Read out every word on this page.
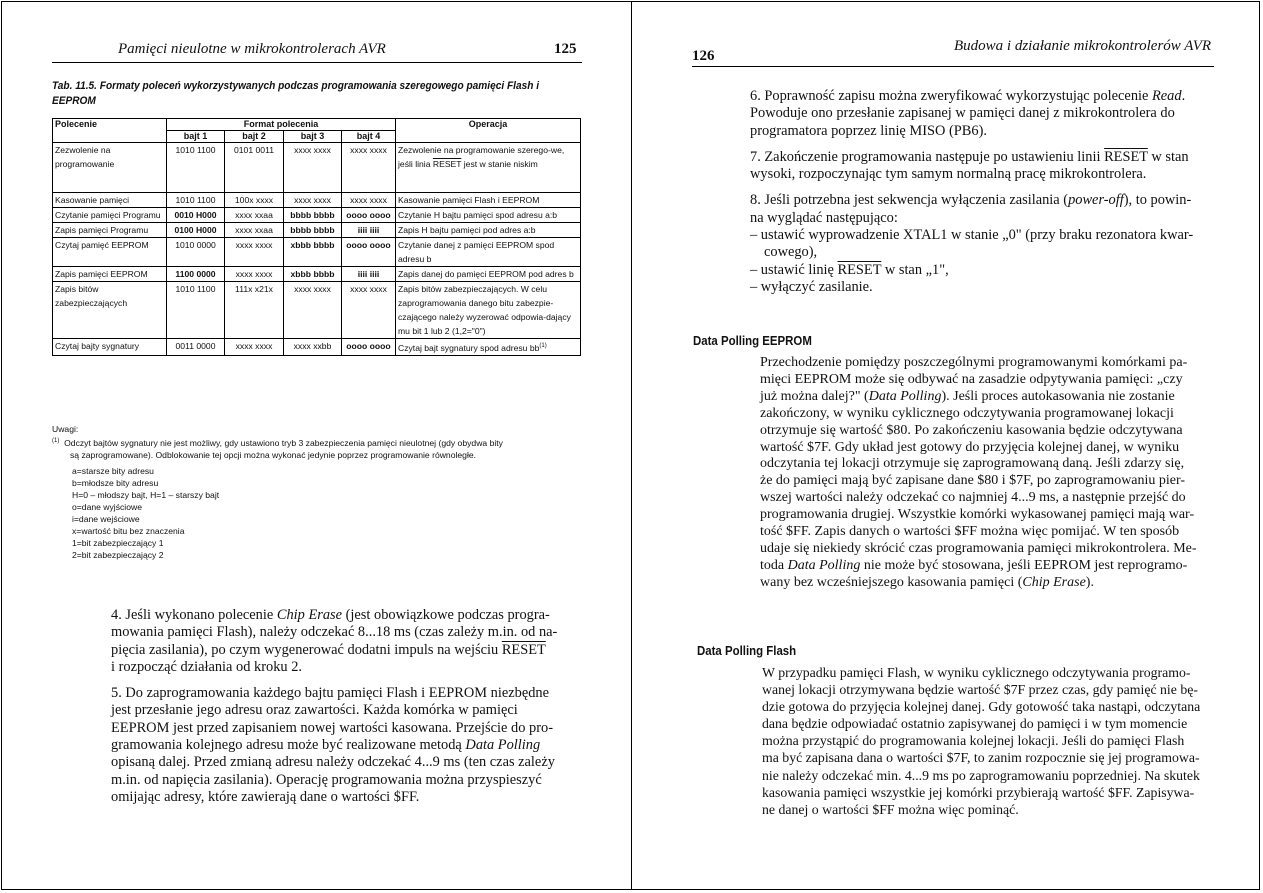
Pamięci nieulotne w mikrokontrolerach AVR	125
Tab. 11.5. Formaty poleceń wykorzystywanych podczas programowania szeregowego pamięci Flash i EEPROM
Polecenie	Format polecenia				Operacja
	bajt 1	bajt 2	bajt 3	bajt 4	
Zezwolenie na programowanie	1010 1100	0101 0011	xxxx xxxx	xxxx xxxx	Zezwolenie na programowanie szerego-we, jeśli linia RESET jest w stanie niskim
Kasowanie pamięci	1010 1100	100x xxxx	xxxx xxxx	xxxx xxxx	Kasowanie pamięci Flash i EEPROM
Czytanie pamięci Programu	0010 H000	xxxx xxaa	bbbb bbbb	oooo oooo	Czytanie H bajtu pamięci spod adresu a:b
Zapis pamięci Programu	0100 H000	xxxx xxaa	bbbb bbbb	iiii iiii	Zapis H bajtu pamięci pod adres a:b
Czytaj pamięć EEPROM	1010 0000	xxxx xxxx	xbbb bbbb	oooo oooo	Czytanie danej z pamięci EEPROM spod adresu b
Zapis pamięci EEPROM	1100 0000	xxxx xxxx	xbbb bbbb	iiii iiii	Zapis danej do pamięci EEPROM pod adres b
Zapis bitów zabezpieczających	1010 1100	111x x21x	xxxx xxxx	xxxx xxxx	Zapis bitów zabezpieczających. W celu zaprogramowania danego bitu zabezpie-czającego należy wyzerować odpowia-dający mu bit 1 lub 2 (1,2="0")
Czytaj bajty sygnatury	0011 0000	xxxx xxxx	xxxx xxbb	oooo oooo	Czytaj bajt sygnatury spod adresu $bb^{(1)}$
Uwagi:
$^{(1)}$ Odczyt bajtów sygnatury nie jest możliwy, gdy ustawiono tryb 3 zabezpieczenia pamięci nieulotnej (gdy obydwa bity
są zaprogramowane). Odblokowanie tej opcji można wykonać jedynie poprzez programowanie równoległe.
a=starsze bity adresu
b=młodsze bity adresu
H=0 – młodszy bajt, H=1 – starszy bajt
o=dane wyjściowe
i=dane wejściowe
x=wartość bitu bez znaczenia
1=bit zabezpieczający 1
2=bit zabezpieczający 2

4. Jeśli wykonano polecenie Chip Erase (jest obowiązkowe podczas progra-
mowania pamięci Flash), należy odczekać 8...18 ms (czas zależy m.in. od na-
pięcia zasilania), po czym wygenerować dodatni impuls na wejściu RESET
i rozpocząć działania od kroku 2.

5. Do zaprogramowania każdego bajtu pamięci Flash i EEPROM niezbędne
jest przesłanie jego adresu oraz zawartości. Każda komórka w pamięci
EEPROM jest przed zapisaniem nowej wartości kasowana. Przejście do pro-
gramowania kolejnego adresu może być realizowane metodą Data Polling
opisaną dalej. Przed zmianą adresu należy odczekać 4...9 ms (ten czas zależy
m.in. od napięcia zasilania). Operację programowania można przyspieszyć
omijając adresy, które zawierają dane o wartości $FF.

126
Budowa i działanie mikrokontrolerów AVR

6. Poprawność zapisu można zweryfikować wykorzystując polecenie Read.
Powoduje ono przesłanie zapisanej w pamięci danej z mikrokontrolera do
programatora poprzez linię MISO (PB6).

7. Zakończenie programowania następuje po ustawieniu linii RESET w stan
wysoki, rozpoczynając tym samym normalną pracę mikrokontrolera.

8. Jeśli potrzebna jest sekwencja wyłączenia zasilania (power-off), to powin-
na wyglądać następująco:
– ustawić wyprowadzenie XTAL1 w stanie „0" (przy braku rezonatora kwar-
cowego),
– ustawić linię RESET w stan „1",
– wyłączyć zasilanie.

Data Polling EEPROM

Przechodzenie pomiędzy poszczególnymi programowanymi komórkami pa-
mięci EEPROM może się odbywać na zasadzie odpytywania pamięci: „czy
już można dalej?" (Data Polling). Jeśli proces autokasowania nie zostanie
zakończony, w wyniku cyklicznego odczytywania programowanej lokacji
otrzymuje się wartość $80. Po zakończeniu kasowania będzie odczytywana
wartość $7F. Gdy układ jest gotowy do przyjęcia kolejnej danej, w wyniku
odczytania tej lokacji otrzymuje się zaprogramowaną daną. Jeśli zdarzy się,
że do pamięci mają być zapisane dane $80 i $7F, po zaprogramowaniu pier-
wszej wartości należy odczekać co najmniej 4...9 ms, a następnie przejść do
programowania drugiej. Wszystkie komórki wykasowanej pamięci mają war-
tość $FF. Zapis danych o wartości $FF można więc pomijać. W ten sposób
udaje się niekiedy skrócić czas programowania pamięci mikrokontrolera. Me-
toda Data Polling nie może być stosowana, jeśli EEPROM jest reprogramo-
wany bez wcześniejszego kasowania pamięci (Chip Erase).

Data Polling Flash

W przypadku pamięci Flash, w wyniku cyklicznego odczytywania programo-
wanej lokacji otrzymywana będzie wartość $7F przez czas, gdy pamięć nie bę-
dzie gotowa do przyjęcia kolejnej danej. Gdy gotowość taka nastąpi, odczytana
dana będzie odpowiadać ostatnio zapisywanej do pamięci i w tym momencie
można przystąpić do programowania kolejnej lokacji. Jeśli do pamięci Flash
ma być zapisana dana o wartości $7F, to zanim rozpocznie się jej programowa-
nie należy odczekać min. 4...9 ms po zaprogramowaniu poprzedniej. Na skutek
kasowania pamięci wszystkie jej komórki przybierają wartość $FF. Zapisywa-
ne danej o wartości $FF można więc pominąć.
